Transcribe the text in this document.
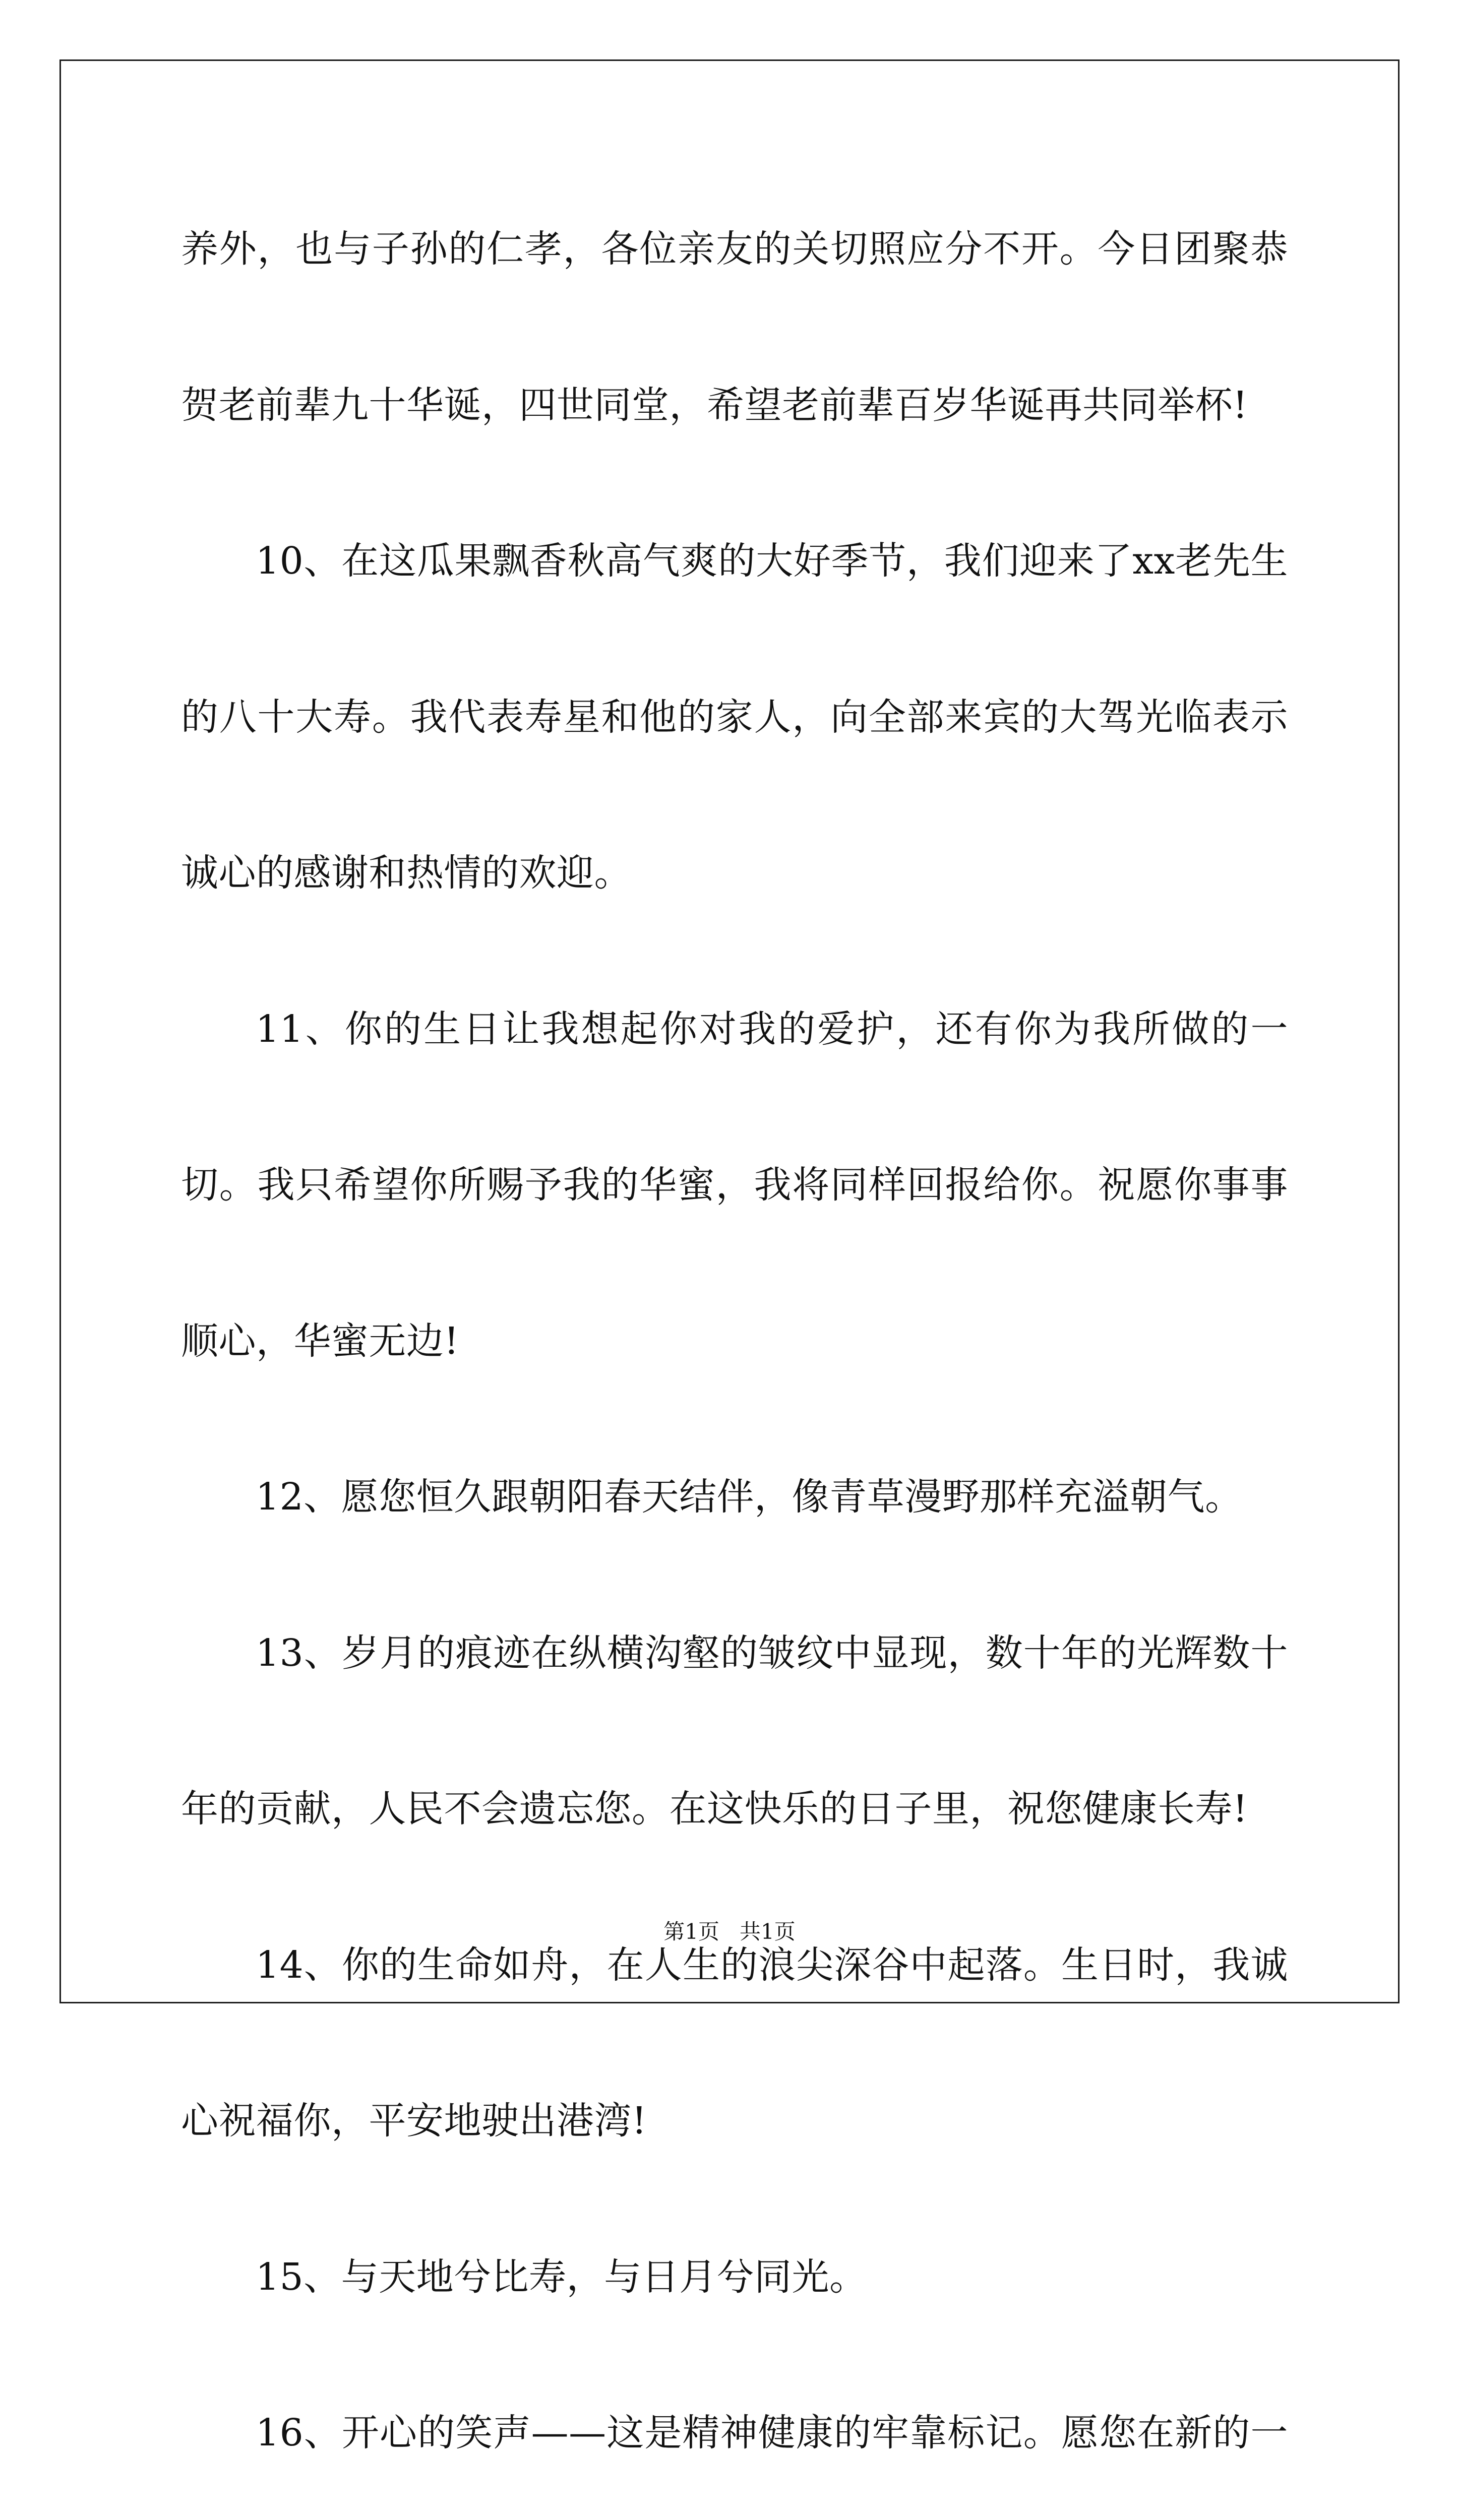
养外，也与子孙的仁孝，各位亲友的关切照应分不开。今日团聚恭贺老前辈九十华诞，四世同堂，希望老前辈百岁华诞再共同举杯!

10、在这瓜果飘香秋高气爽的大好季节，我们迎来了xx老先生的八十大寿。我代表寿星和他的家人，向全部来宾的大驾光临表示诚心的感谢和热情的欢迎。

11、你的生日让我想起你对我的爱护，还有你为我所做的一切。我只希望你所赐予我的华蜜，我将同样回报给你。祝愿你事事顺心，华蜜无边!

12、愿您恒久跟朝阳春天结伴，像青草漫野那样充溢朝气。

13、岁月的痕迹在纵横沟壑的皱纹中显现，数十年的光辉数十年的贡献，人民不会遗忘您。在这快乐的日子里，祝您健康长寿!

14、你的生命如舟，在人生的浪尖深谷中起落。生日时，我诚心祝福你，平安地驶出港湾!

15、与天地兮比寿，与日月兮同光。

16、开心的笑声——这是精神健康的牢靠标记。愿您在新的一

第1页 共1页
